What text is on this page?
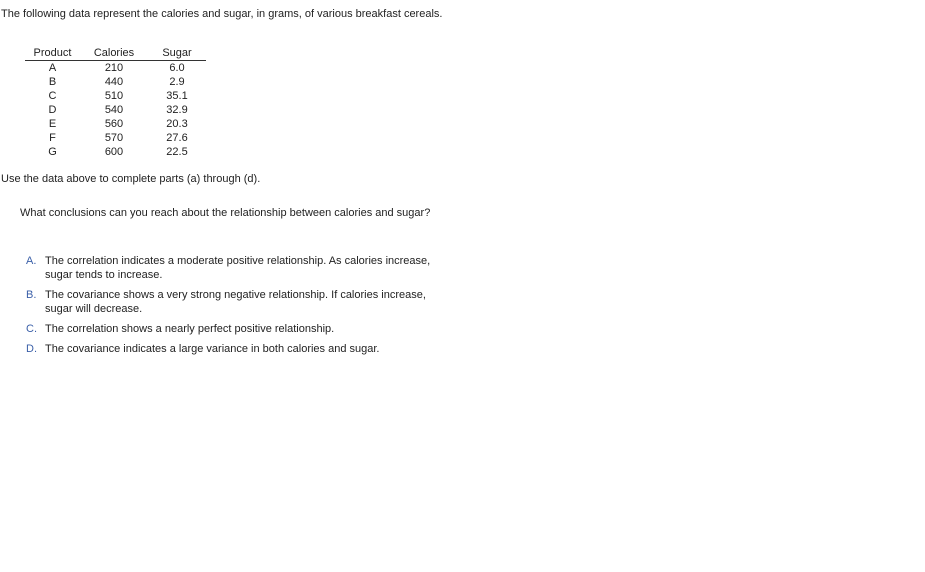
The following data represent the calories and sugar, in grams, of various breakfast cereals.
Product	Calories	Sugar
A	210	6.0
B	440	2.9
C	510	35.1
D	540	32.9
E	560	20.3
F	570	27.6
G	600	22.5
Use the data above to complete parts (a) through (d).
What conclusions can you reach about the relationship between calories and sugar?
A. The correlation indicates a moderate positive relationship. As calories increase, sugar tends to increase.
B. The covariance shows a very strong negative relationship. If calories increase, sugar will decrease.
C. The correlation shows a nearly perfect positive relationship.
D. The covariance indicates a large variance in both calories and sugar.
